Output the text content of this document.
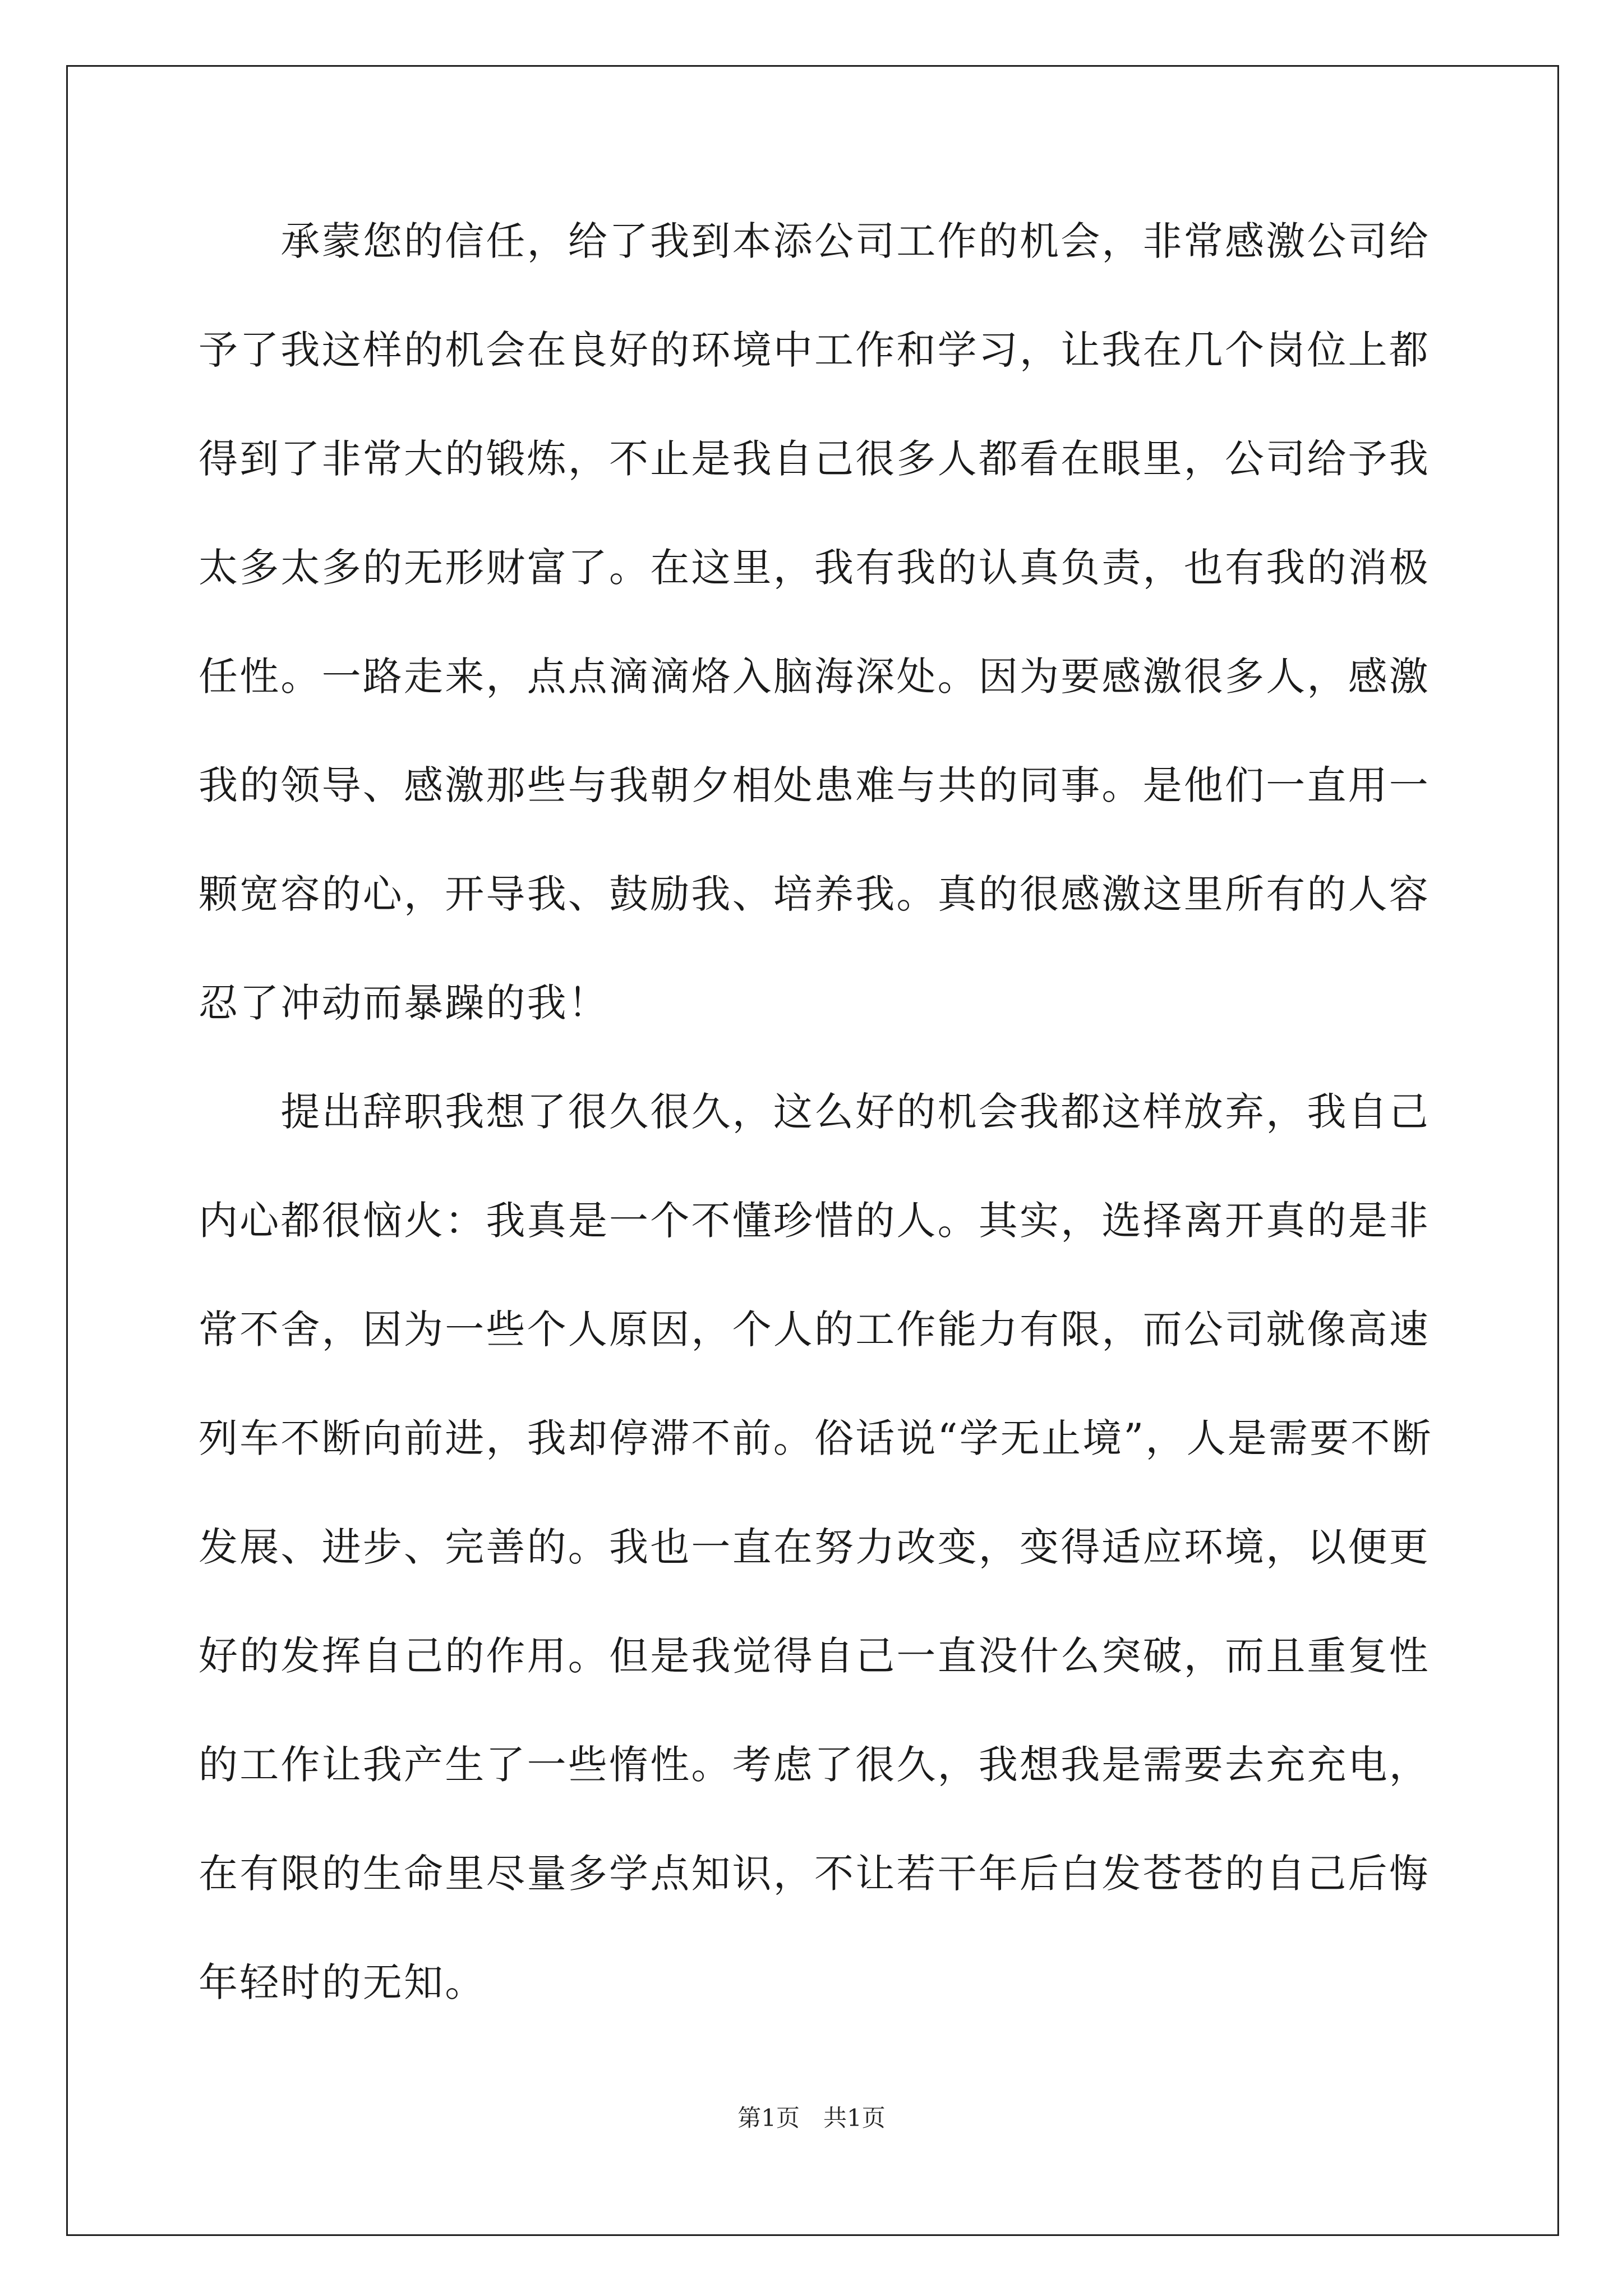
　　承蒙您的信任，给了我到本添公司工作的机会，非常感激公司给
予了我这样的机会在良好的环境中工作和学习，让我在几个岗位上都
得到了非常大的锻炼，不止是我自己很多人都看在眼里，公司给予我
太多太多的无形财富了。在这里，我有我的认真负责，也有我的消极
任性。一路走来，点点滴滴烙入脑海深处。因为要感激很多人，感激
我的领导、感激那些与我朝夕相处患难与共的同事。是他们一直用一
颗宽容的心，开导我、鼓励我、培养我。真的很感激这里所有的人容
忍了冲动而暴躁的我！
　　提出辞职我想了很久很久，这么好的机会我都这样放弃，我自己
内心都很恼火：我真是一个不懂珍惜的人。其实，选择离开真的是非
常不舍，因为一些个人原因，个人的工作能力有限，而公司就像高速
列车不断向前进，我却停滞不前。俗话说“学无止境”，人是需要不断
发展、进步、完善的。我也一直在努力改变，变得适应环境，以便更
好的发挥自己的作用。但是我觉得自己一直没什么突破，而且重复性
的工作让我产生了一些惰性。考虑了很久，我想我是需要去充充电，
在有限的生命里尽量多学点知识，不让若干年后白发苍苍的自己后悔
年轻时的无知。
第1页　共1页
